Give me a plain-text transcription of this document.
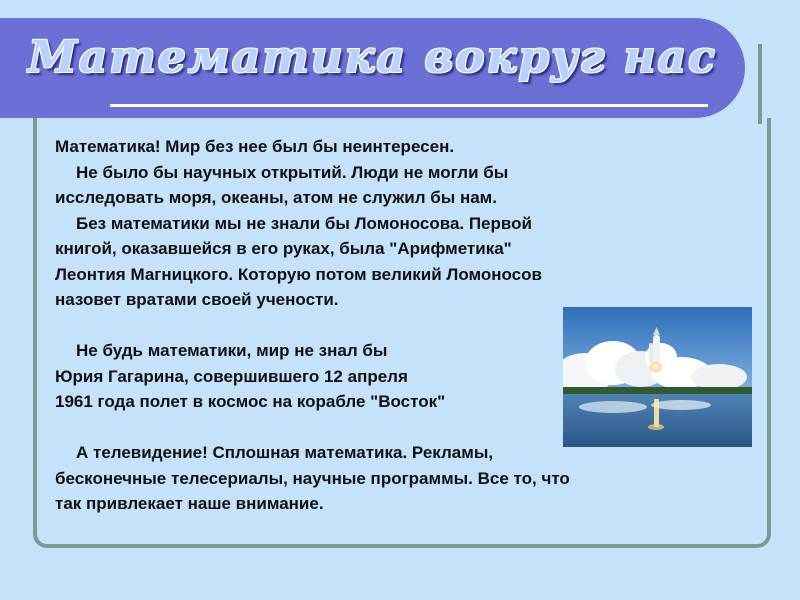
Математика вокруг нас

Математика! Мир без нее был бы неинтересен.

Не было бы научных открытий. Люди не могли бы

исследовать моря, океаны, атом не служил бы нам.

Без математики мы не знали бы Ломоносова. Первой

книгой, оказавшейся в его руках, была "Арифметика"

Леонтия Магницкого. Которую потом великий Ломоносов

назовет вратами своей учености.

Не будь математики, мир не знал бы

Юрия Гагарина, совершившего 12 апреля

1961 года полет в космос на корабле "Восток"

А телевидение! Сплошная математика. Рекламы,

бесконечные телесериалы, научные программы. Все то, что

так привлекает наше внимание.
